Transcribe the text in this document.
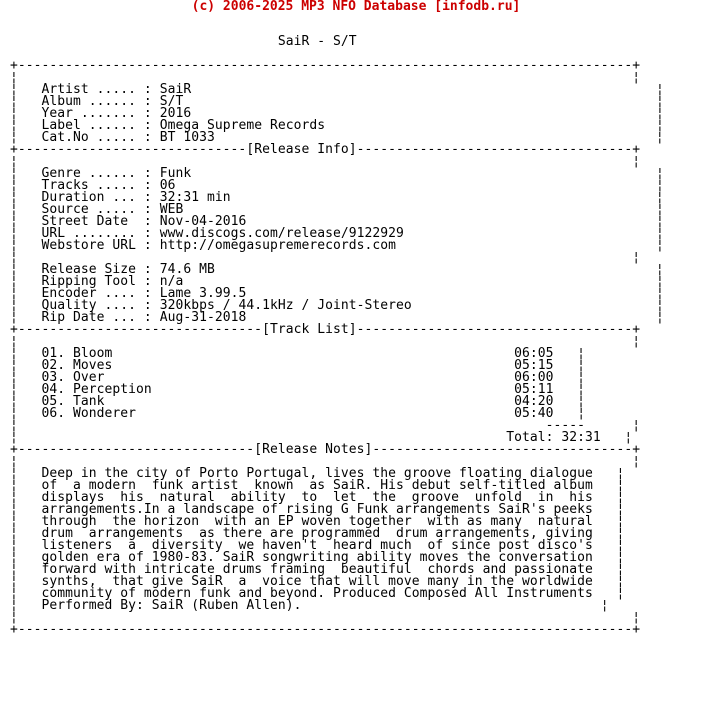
(c) 2006-2025 MP3 NFO Database [infodb.ru]
SaiR - S/T

+------------------------------------------------------------------------------+
¦	¦
¦ Artist ..... : SaiR	¦
¦ Album ...... : S/T	¦
¦ Year ....... : 2016	¦
¦ Label ...... : Omega Supreme Records	¦
¦ Cat.No ..... : BT 1033	¦
+-----------------------------[Release Info]-----------------------------------+
¦	¦
¦ Genre ...... : Funk	¦
¦ Tracks ..... : 06	¦
¦ Duration ... : 32:31 min	¦
¦ Source ..... : WEB	¦
¦ Street Date  : Nov-04-2016	¦
¦ URL ........ : www.discogs.com/release/9122929	¦
¦ Webstore URL : http://omegasupremerecords.com	¦
¦	¦
¦ Release Size : 74.6 MB	¦
¦ Ripping Tool : n/a	¦
¦ Encoder .... : Lame 3.99.5	¦
¦ Quality .... : 320kbps / 44.1kHz / Joint-Stereo	¦
¦ Rip Date ... : Aug-31-2018	¦
+-------------------------------[Track List]-----------------------------------+
¦	¦
¦ 01. Bloom	06:05 ¦
¦ 02. Moves	05:15 ¦
¦ 03. Over	06:00 ¦
¦ 04. Perception	05:11 ¦
¦ 05. Tank	04:20 ¦
¦ 06. Wonderer	05:40 ¦
¦	-----	¦
¦	Total: 32:31 ¦
+------------------------------[Release Notes]---------------------------------+
¦	¦
¦ Deep in the city of Porto Portugal, lives the groove floating dialogue ¦
¦ of  a modern  funk artist  known  as SaiR. His debut self-titled album ¦
¦ displays  his  natural  ability  to  let  the  groove  unfold  in  his ¦
¦ arrangements.In a landscape of rising G Funk arrangements SaiR's peeks ¦
¦ through  the horizon  with an EP woven together  with as many  natural ¦
¦ drum  arrangements  as there are programmed  drum arrangements, giving ¦
¦ listeners  a  diversity  we haven't  heard much  of since post disco's ¦
¦ golden era of 1980-83. SaiR songwriting ability moves the conversation ¦
¦ forward with intricate drums framing  beautiful  chords and passionate ¦
¦ synths,  that give SaiR  a  voice that will move many in the worldwide ¦
¦ community of modern funk and beyond. Produced Composed All Instruments ¦
¦ Performed By: SaiR (Ruben Allen).	¦
¦	¦
+------------------------------------------------------------------------------+
